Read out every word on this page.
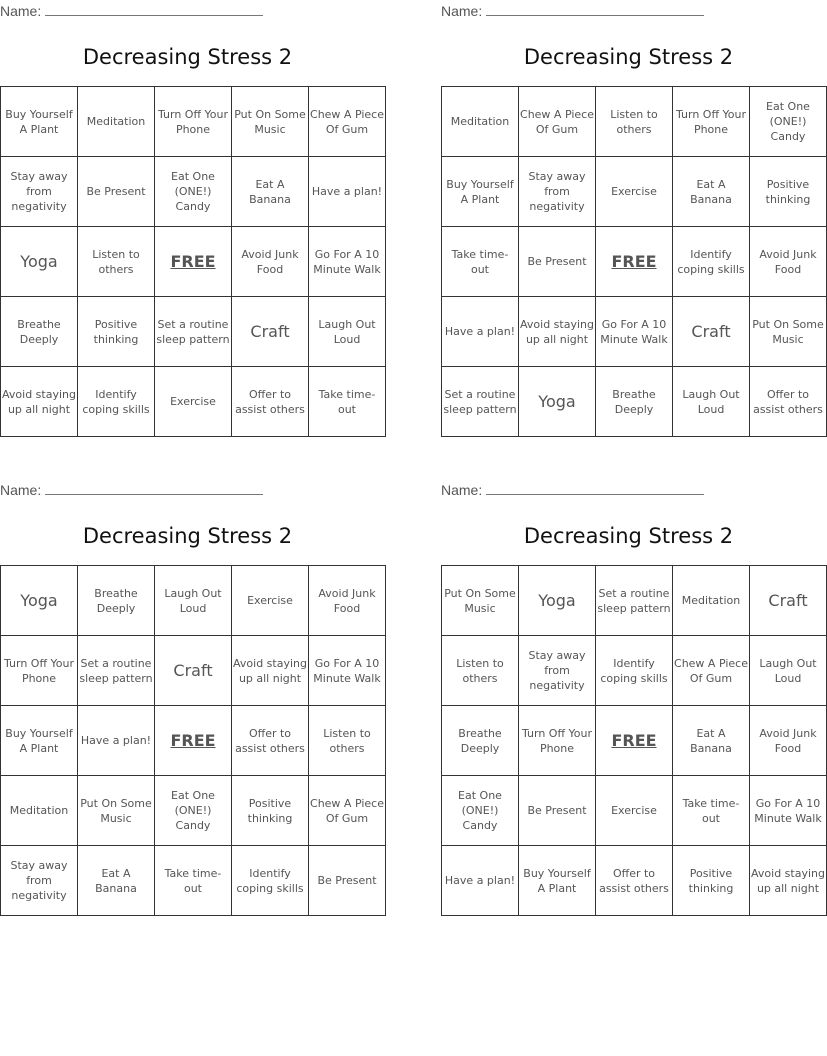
Name:
Decreasing Stress 2
Buy Yourself A Plant	Meditation	Turn Off Your Phone	Put On Some Music	Chew A Piece Of Gum
Stay away from negativity	Be Present	Eat One (ONE!) Candy	Eat A Banana	Have a plan!
Yoga	Listen to others	FREE	Avoid Junk Food	Go For A 10 Minute Walk
Breathe Deeply	Positive thinking	Set a routine sleep pattern	Craft	Laugh Out Loud
Avoid staying up all night	Identify coping skills	Exercise	Offer to assist others	Take time-out
Name:
Decreasing Stress 2
Meditation	Chew A Piece Of Gum	Listen to others	Turn Off Your Phone	Eat One (ONE!) Candy
Buy Yourself A Plant	Stay away from negativity	Exercise	Eat A Banana	Positive thinking
Take time-out	Be Present	FREE	Identify coping skills	Avoid Junk Food
Have a plan!	Avoid staying up all night	Go For A 10 Minute Walk	Craft	Put On Some Music
Set a routine sleep pattern	Yoga	Breathe Deeply	Laugh Out Loud	Offer to assist others
Name:
Decreasing Stress 2
Yoga	Breathe Deeply	Laugh Out Loud	Exercise	Avoid Junk Food
Turn Off Your Phone	Set a routine sleep pattern	Craft	Avoid staying up all night	Go For A 10 Minute Walk
Buy Yourself A Plant	Have a plan!	FREE	Offer to assist others	Listen to others
Meditation	Put On Some Music	Eat One (ONE!) Candy	Positive thinking	Chew A Piece Of Gum
Stay away from negativity	Eat A Banana	Take time-out	Identify coping skills	Be Present
Name:
Decreasing Stress 2
Put On Some Music	Yoga	Set a routine sleep pattern	Meditation	Craft
Listen to others	Stay away from negativity	Identify coping skills	Chew A Piece Of Gum	Laugh Out Loud
Breathe Deeply	Turn Off Your Phone	FREE	Eat A Banana	Avoid Junk Food
Eat One (ONE!) Candy	Be Present	Exercise	Take time-out	Go For A 10 Minute Walk
Have a plan!	Buy Yourself A Plant	Offer to assist others	Positive thinking	Avoid staying up all night
